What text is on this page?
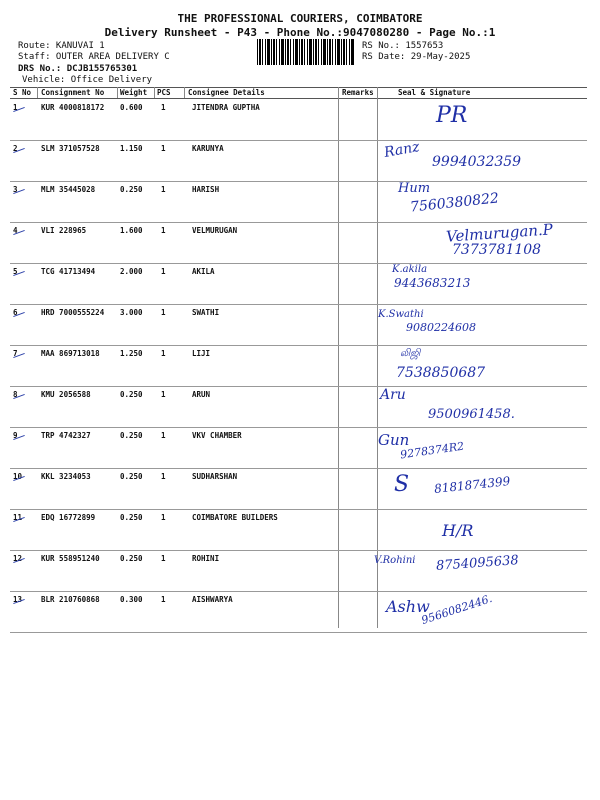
THE PROFESSIONAL COURIERS, COIMBATORE
Delivery Runsheet - P43 - Phone No.:9047080280 - Page No.:1
Route: KANUVAI 1
Staff: OUTER AREA DELIVERY C
DRS No.: DCJB155765301
Vehicle: Office Delivery
RS No.: 1557653
RS Date: 29-May-2025
S No Consignment No Weight PCS Consignee Details	Remarks	Seal & Signature
1	KUR 4000818172 0.600 1	JITENDRA GUPTHA	PR
2	SLM 371057528	1.150 1	KARUNYA	Ranz
9994032359
3	MLM 35445028	0.250 1	HARISH	Hum
7560380822
4	VLI 228965	1.600 1	VELMURUGAN	Velmurugan.P
7373781108
5	TCG 41713494	2.000 1	AKILA	K.akila
9443683213
6	HRD 7000555224 3.000 1	SWATHI	K.Swathi
9080224608
7	MAA 869713018	1.250 1	LIJI	லிஜி
7538850687
8	KMU 2056588	0.250 1	ARUN	Aru
9500961458.
9	TRP 4742327	0.250 1	VKV CHAMBER	Gun
9278374R2
10	KKL 3234053	0.250 1	SUDHARSHAN	S 8181874399
11	EDQ 16772899	0.250 1	COIMBATORE BUILDERS
H/R
12	KUR 558951240	0.250 1	ROHINI	V.Rohini 8754095638
13	BLR 210760868	0.300 1	AISHWARYA	Ashw
9566082446.
